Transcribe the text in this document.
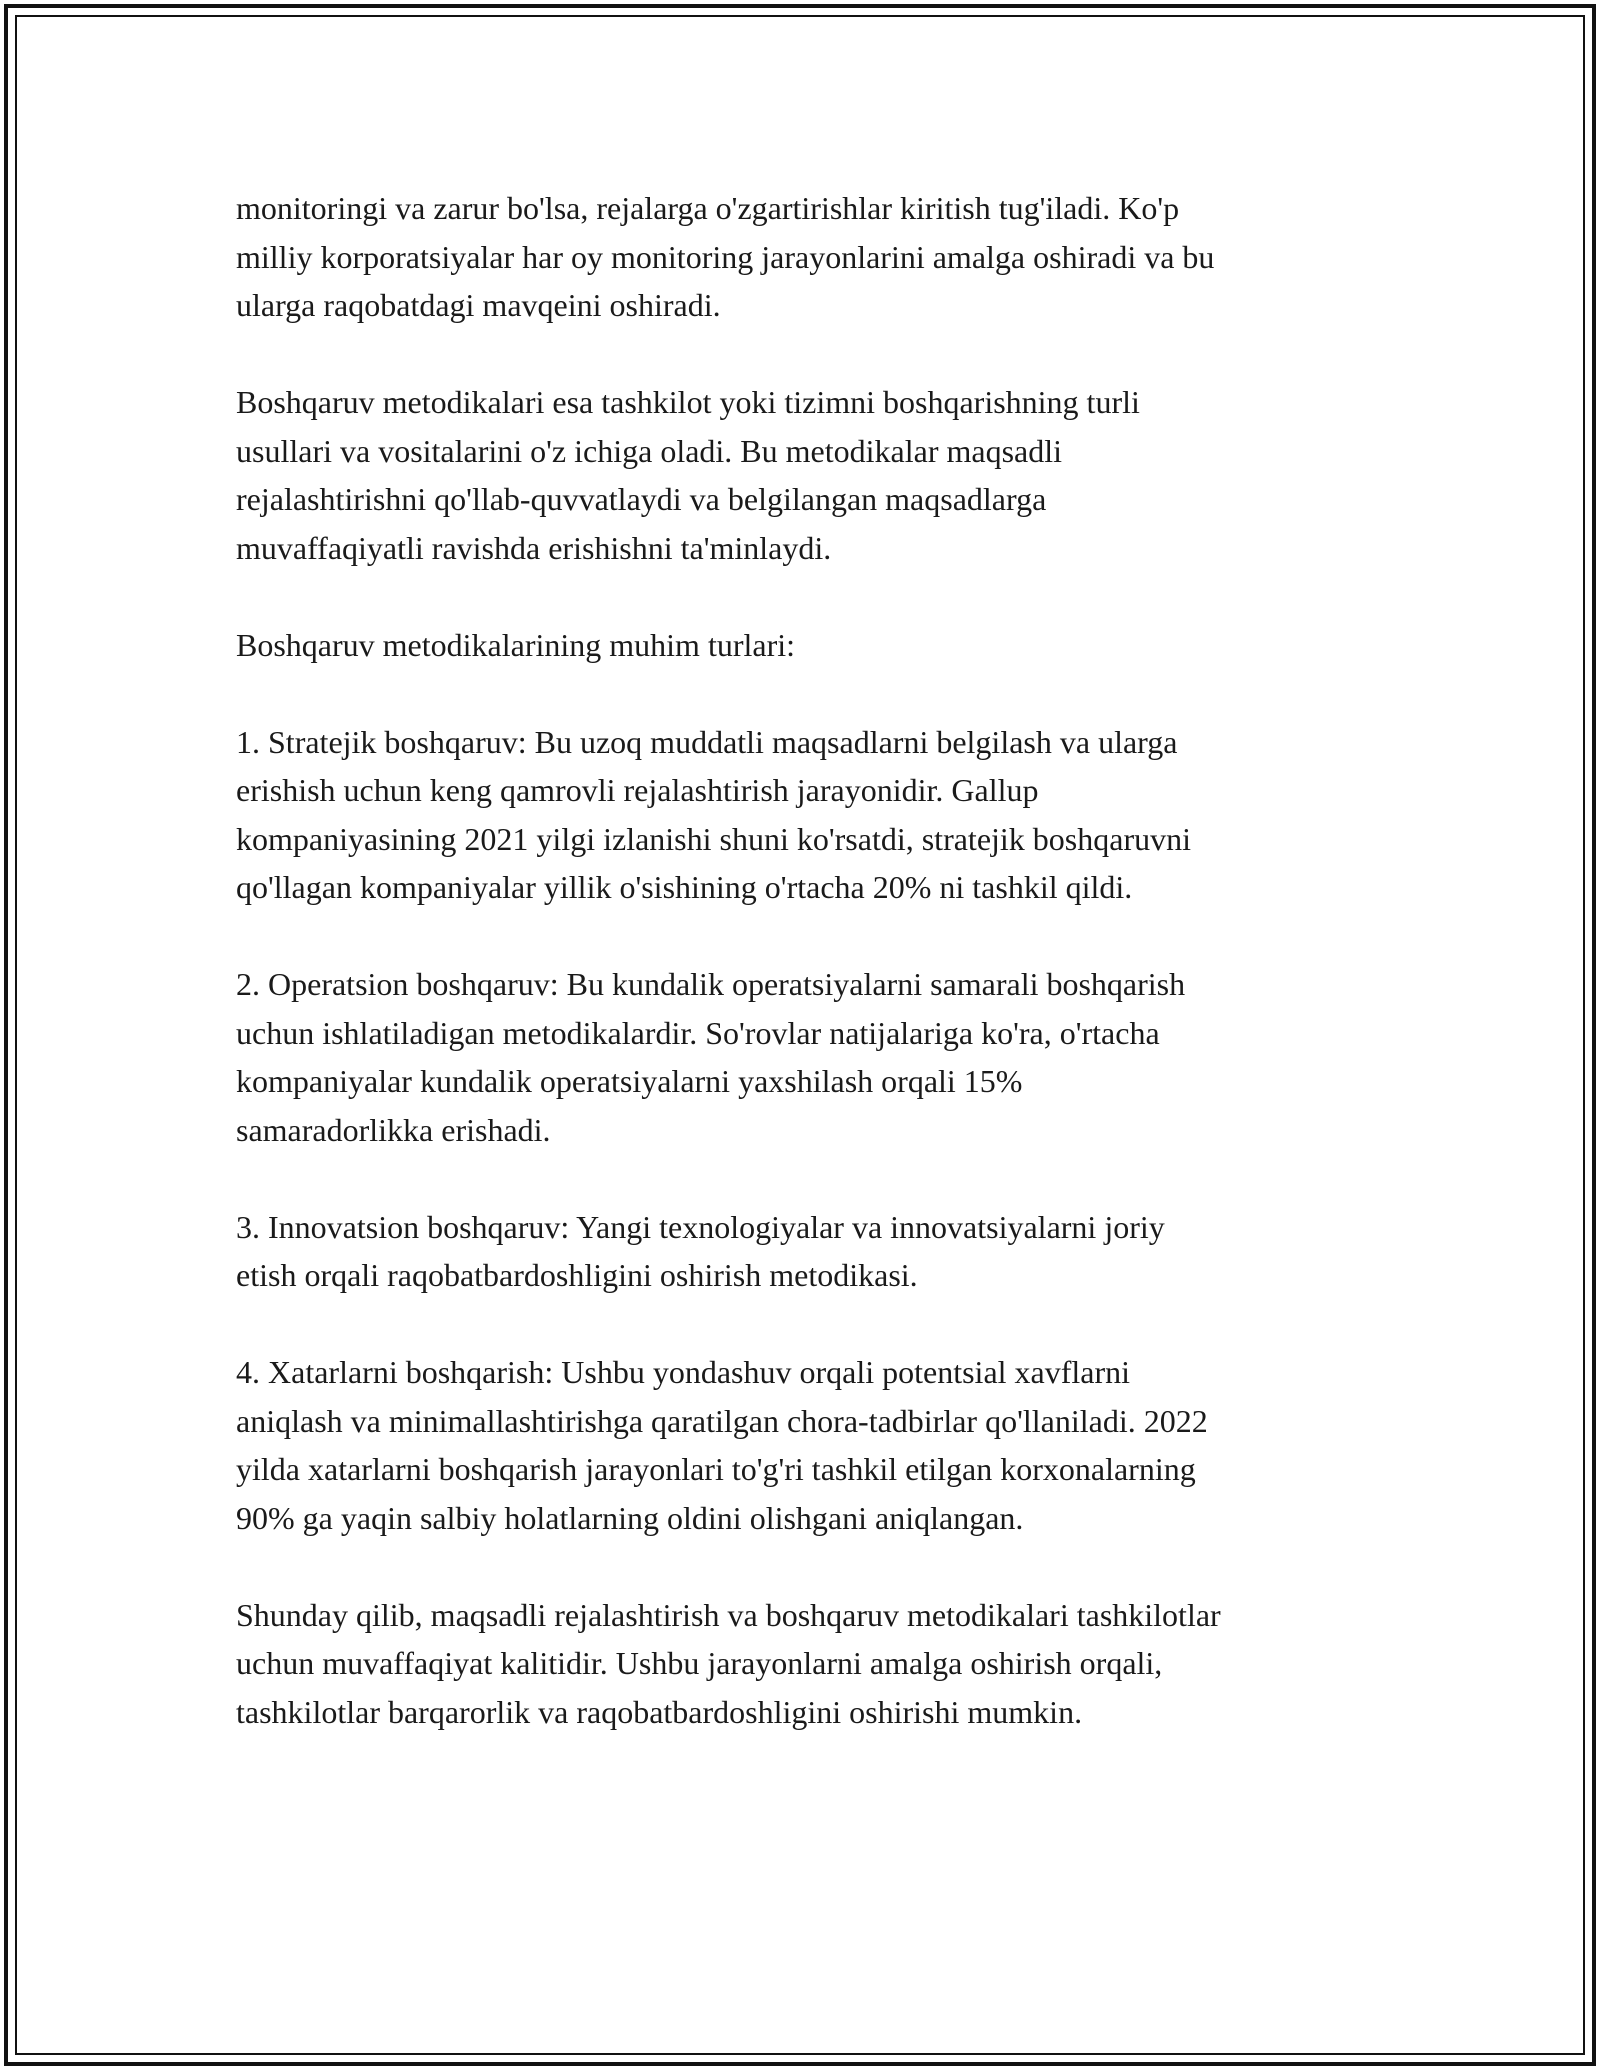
monitoringi va zarur bo'lsa, rejalarga o'zgartirishlar kiritish tug'iladi. Ko'p
milliy korporatsiyalar har oy monitoring jarayonlarini amalga oshiradi va bu
ularga raqobatdagi mavqeini oshiradi.

Boshqaruv metodikalari esa tashkilot yoki tizimni boshqarishning turli
usullari va vositalarini o'z ichiga oladi. Bu metodikalar maqsadli
rejalashtirishni qo'llab-quvvatlaydi va belgilangan maqsadlarga
muvaffaqiyatli ravishda erishishni ta'minlaydi.

Boshqaruv metodikalarining muhim turlari:

1. Stratejik boshqaruv: Bu uzoq muddatli maqsadlarni belgilash va ularga
erishish uchun keng qamrovli rejalashtirish jarayonidir. Gallup
kompaniyasining 2021 yilgi izlanishi shuni ko'rsatdi, stratejik boshqaruvni
qo'llagan kompaniyalar yillik o'sishining o'rtacha 20% ni tashkil qildi.

2. Operatsion boshqaruv: Bu kundalik operatsiyalarni samarali boshqarish
uchun ishlatiladigan metodikalardir. So'rovlar natijalariga ko'ra, o'rtacha
kompaniyalar kundalik operatsiyalarni yaxshilash orqali 15%
samaradorlikka erishadi.

3. Innovatsion boshqaruv: Yangi texnologiyalar va innovatsiyalarni joriy
etish orqali raqobatbardoshligini oshirish metodikasi.

4. Xatarlarni boshqarish: Ushbu yondashuv orqali potentsial xavflarni
aniqlash va minimallashtirishga qaratilgan chora-tadbirlar qo'llaniladi. 2022
yilda xatarlarni boshqarish jarayonlari to'g'ri tashkil etilgan korxonalarning
90% ga yaqin salbiy holatlarning oldini olishgani aniqlangan.

Shunday qilib, maqsadli rejalashtirish va boshqaruv metodikalari tashkilotlar
uchun muvaffaqiyat kalitidir. Ushbu jarayonlarni amalga oshirish orqali,
tashkilotlar barqarorlik va raqobatbardoshligini oshirishi mumkin.
